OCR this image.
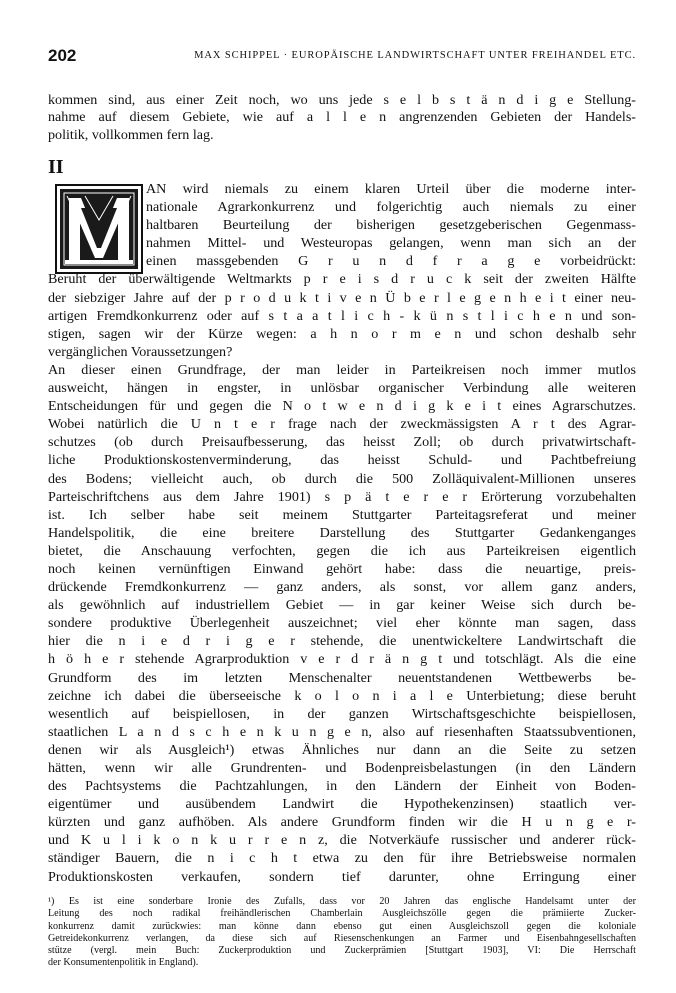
202	MAX SCHIPPEL · EUROPÄISCHE LANDWIRTSCHAFT UNTER FREIHANDEL ETC.
kommen sind, aus einer Zeit noch, wo uns jede s e l b s t ä n d i g e Stellung-
nahme auf diesem Gebiete, wie auf a l l e n angrenzenden Gebieten der Handels-
politik, vollkommen fern lag.
II
AN wird niemals zu einem klaren Urteil über die moderne inter-
nationale Agrarkonkurrenz und folgerichtig auch niemals zu einer
haltbaren Beurteilung der bisherigen gesetzgeberischen Gegenmass-
nahmen Mittel- und Westeuropas gelangen, wenn man sich an der
einen massgebenden G r u n d f r a g e vorbeidrückt:
Beruht der überwältigende Weltmarkts p r e i s d r u c k seit der zweiten Hälfte
der siebziger Jahre auf der p r o d u k t i v e n Ü b e r l e g e n h e i t einer neu-
artigen Fremdkonkurrenz oder auf s t a a t l i c h - k ü n s t l i c h e n und son-
stigen, sagen wir der Kürze wegen: a h n o r m e n und schon deshalb sehr
vergänglichen Voraussetzungen?
An dieser einen Grundfrage, der man leider in Parteikreisen noch immer mutlos
ausweicht, hängen in engster, in unlösbar organischer Verbindung alle weiteren
Entscheidungen für und gegen die N o t w e n d i g k e i t eines Agrarschutzes.
Wobei natürlich die U n t e r frage nach der zweckmässigsten A r t des Agrar-
schutzes (ob durch Preisaufbesserung, das heisst Zoll; ob durch privatwirtschaft-
liche Produktionskostenverminderung, das heisst Schuld- und Pachtbefreiung
des Bodens; vielleicht auch, ob durch die 500 Zolläquivalent-Millionen unseres
Parteischriftchens aus dem Jahre 1901) s p ä t e r e r Erörterung vorzubehalten
ist. Ich selber habe seit meinem Stuttgarter Parteitagsreferat und meiner
Handelspolitik, die eine breitere Darstellung des Stuttgarter Gedankenganges
bietet, die Anschauung verfochten, gegen die ich aus Parteikreisen eigentlich
noch keinen vernünftigen Einwand gehört habe: dass die neuartige, preis-
drückende Fremdkonkurrenz — ganz anders, als sonst, vor allem ganz anders,
als gewöhnlich auf industriellem Gebiet — in gar keiner Weise sich durch be-
sondere produktive Überlegenheit auszeichnet; viel eher könnte man sagen, dass
hier die n i e d r i g e r stehende, die unentwickeltere Landwirtschaft die
h ö h e r stehende Agrarproduktion v e r d r ä n g t und totschlägt. Als die eine
Grundform des im letzten Menschenalter neuentstandenen Wettbewerbs be-
zeichne ich dabei die überseeische k o l o n i a l e Unterbietung; diese beruht
wesentlich auf beispiellosen, in der ganzen Wirtschaftsgeschichte beispiellosen,
staatlichen L a n d s c h e n k u n g e n, also auf riesenhaften Staatssubventionen,
denen wir als Ausgleich¹) etwas Ähnliches nur dann an die Seite zu setzen
hätten, wenn wir alle Grundrenten- und Bodenpreisbelastungen (in den Ländern
des Pachtsystems die Pachtzahlungen, in den Ländern der Einheit von Boden-
eigentümer und ausübendem Landwirt die Hypothekenzinsen) staatlich ver-
kürzten und ganz aufhöben. Als andere Grundform finden wir die H u n g e r-
und K u l i k o n k u r r e n z, die Notverkäufe russischer und anderer rück-
ständiger Bauern, die n i c h t etwa zu den für ihre Betriebsweise normalen
Produktionskosten verkaufen, sondern tief darunter, ohne Erringung einer
¹) Es ist eine sonderbare Ironie des Zufalls, dass vor 20 Jahren das englische Handelsamt unter der
Leitung des noch radikal freihändlerischen Chamberlain Ausgleichszölle gegen die prämiierte Zucker-
konkurrenz damit zurückwies: man könne dann ebenso gut einen Ausgleichszoll gegen die koloniale
Getreidekonkurrenz verlangen, da diese sich auf Riesenschenkungen an Farmer und Eisenbahngesellschaften
stütze (vergl. mein Buch: Zuckerproduktion und Zuckerprämien [Stuttgart 1903], VI: Die Herrschaft
der Konsumentenpolitik in England).
